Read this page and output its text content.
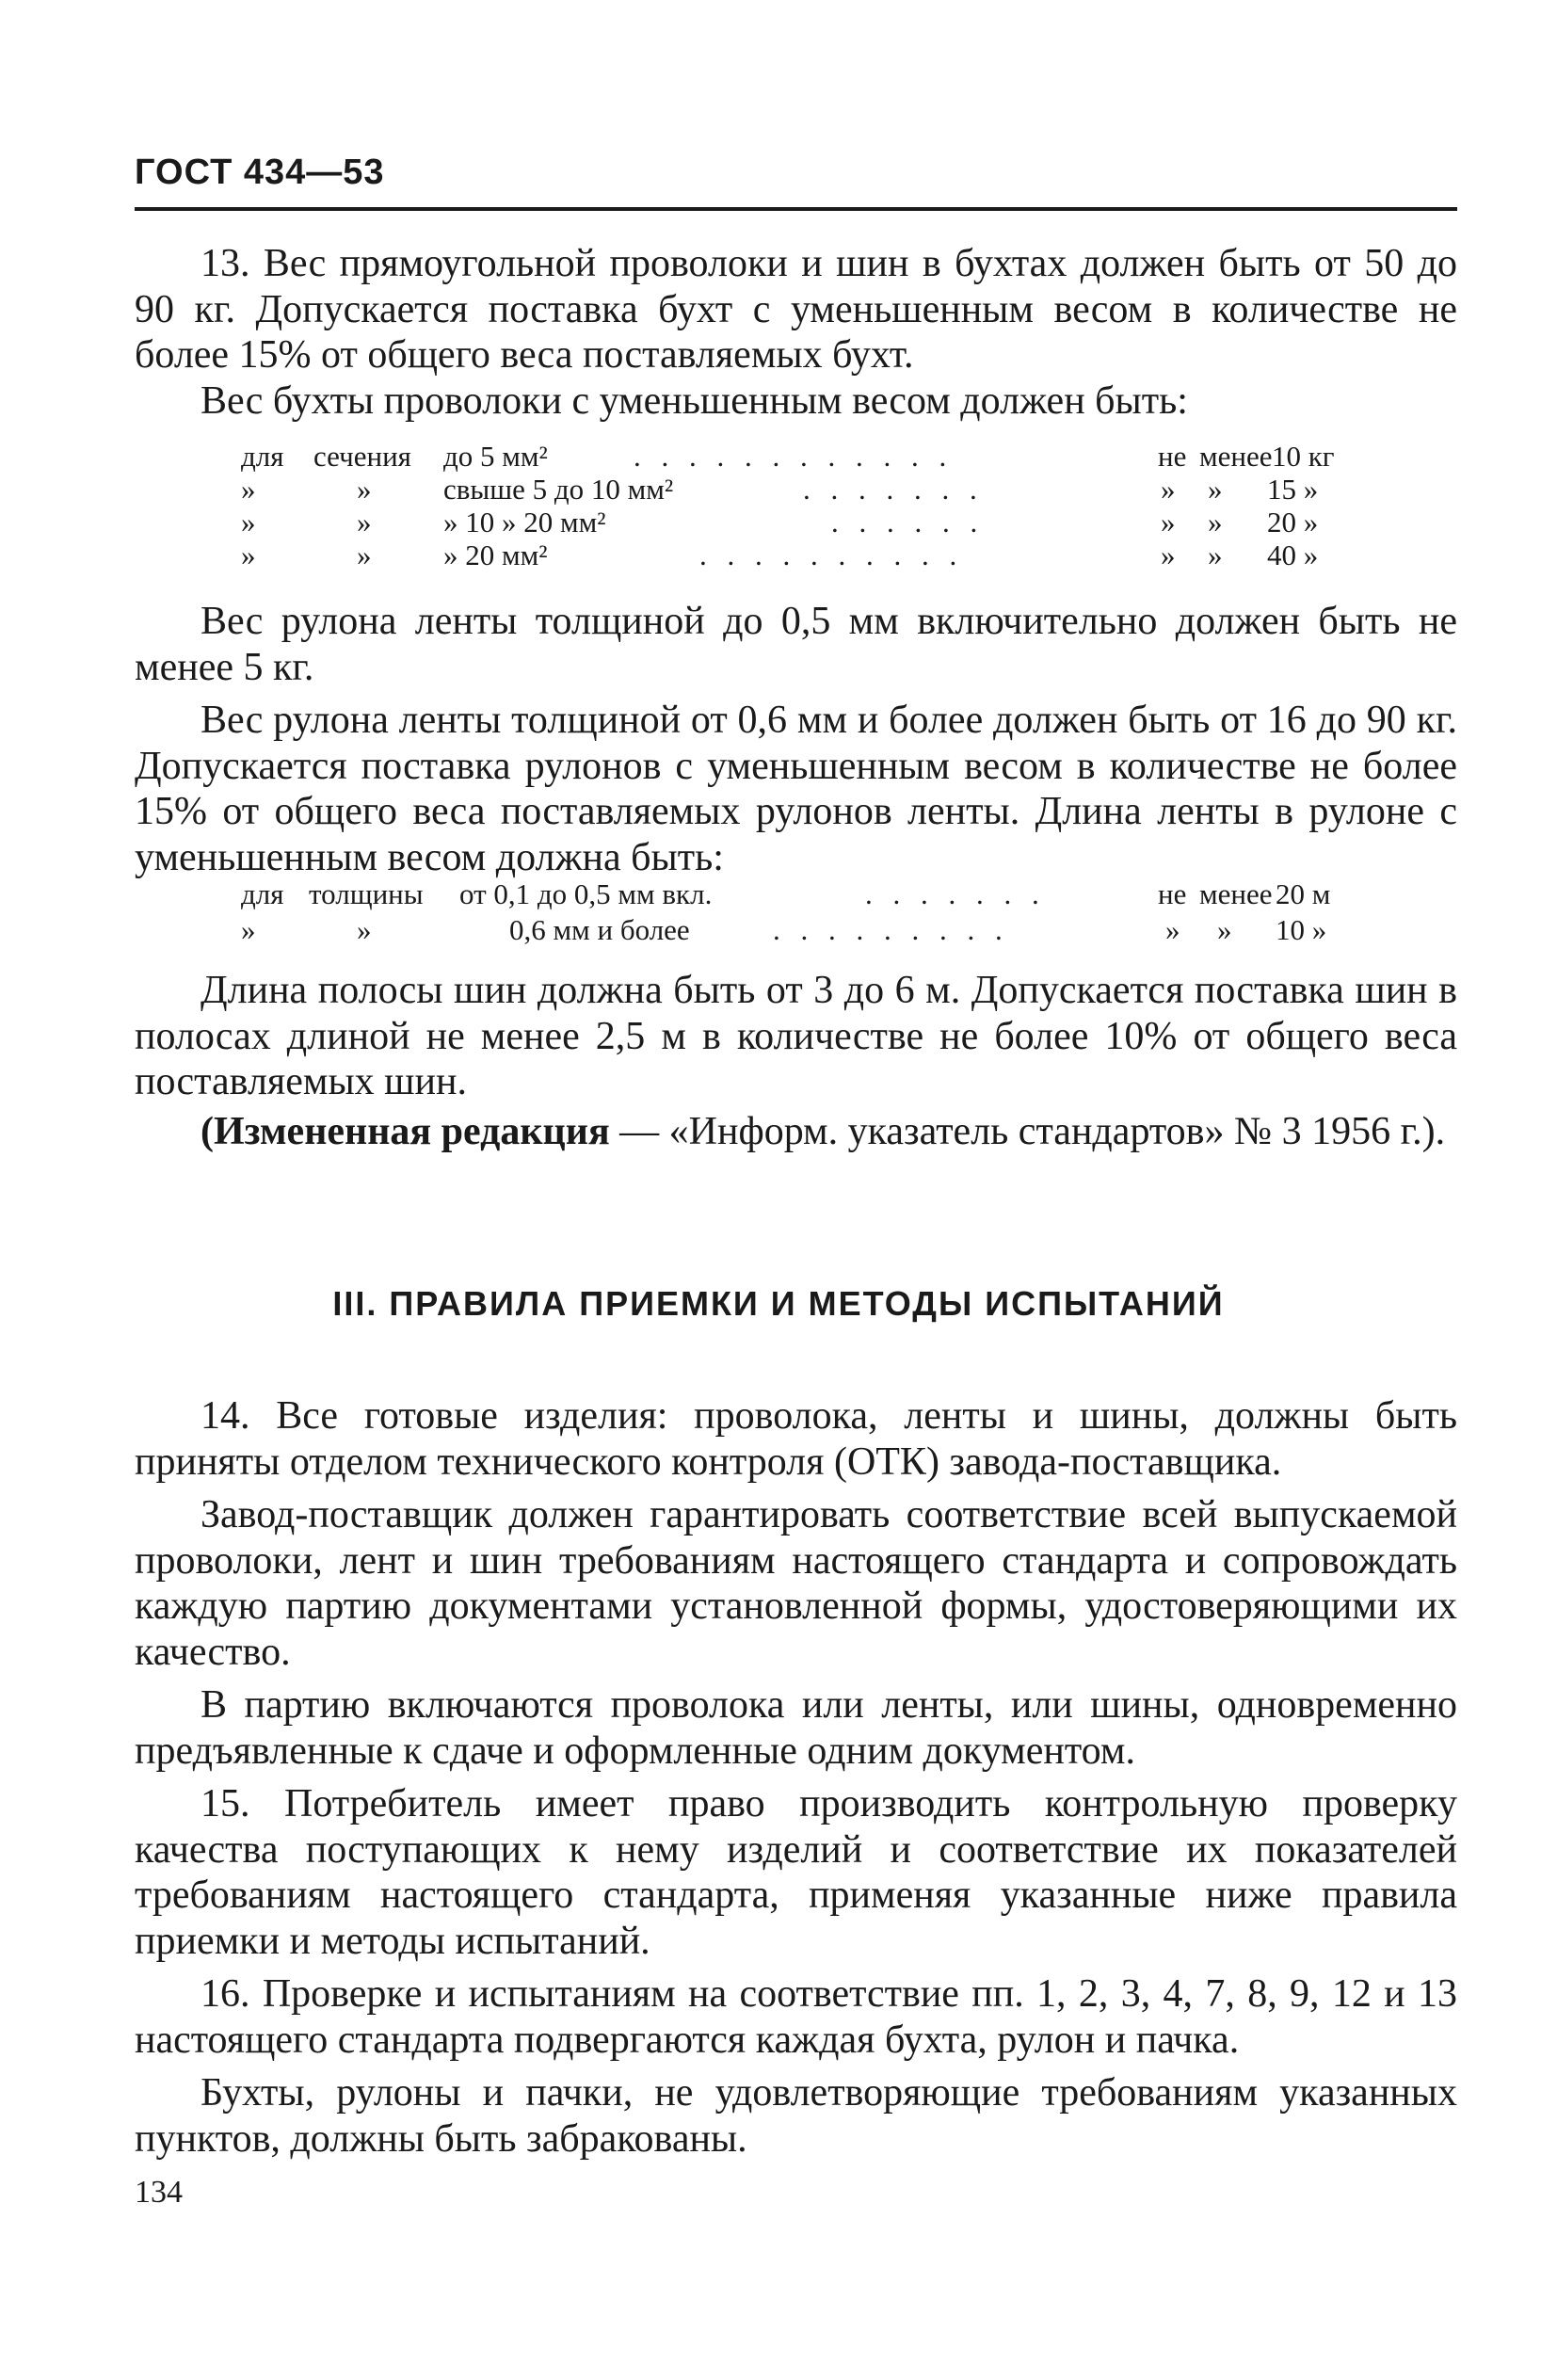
ГОСТ 434—53

13. Вес прямоугольной проволоки и шин в бухтах должен быть от 50 до 90 кг. Допускается поставка бухт с уменьшенным весом в количестве не более 15% от общего веса поставляемых бухт.

Вес бухты проволоки с уменьшенным весом должен быть:

для сечения до 5 мм²	. . . . . . . . . . . .	не менее 10 кг
»	» свыше 5 до 10 мм²	. . . . . . .	» » 15 »
»	» » 10 » 20 мм²	. . . . . .	» » 20 »
»	» » 20 мм²	. . . . . . . . . .	» » 40 »

Вес рулона ленты толщиной до 0,5 мм включительно должен быть не менее 5 кг.

Вес рулона ленты толщиной от 0,6 мм и более должен быть от 16 до 90 кг. Допускается поставка рулонов с уменьшенным весом в количестве не более 15% от общего веса поставляемых рулонов ленты. Длина ленты в рулоне с уменьшенным весом должна быть:

для толщины от 0,1 до 0,5 мм вкл.	. . . . . . .	не менее 20 м
»	»	0,6 мм и более	. . . . . . . . .	» » 10 »

Длина полосы шин должна быть от 3 до 6 м. Допускается поставка шин в полосах длиной не менее 2,5 м в количестве не более 10% от общего веса поставляемых шин.

(Измененная редакция — «Информ. указатель стандартов» № 3 1956 г.).

III. ПРАВИЛА ПРИЕМКИ И МЕТОДЫ ИСПЫТАНИЙ

14. Все готовые изделия: проволока, ленты и шины, должны быть приняты отделом технического контроля (ОТК) завода-поставщика.

Завод-поставщик должен гарантировать соответствие всей выпускаемой проволоки, лент и шин требованиям настоящего стандарта и сопровождать каждую партию документами установленной формы, удостоверяющими их качество.

В партию включаются проволока или ленты, или шины, одновременно предъявленные к сдаче и оформленные одним документом.

15. Потребитель имеет право производить контрольную проверку качества поступающих к нему изделий и соответствие их показателей требованиям настоящего стандарта, применяя указанные ниже правила приемки и методы испытаний.

16. Проверке и испытаниям на соответствие пп. 1, 2, 3, 4, 7, 8, 9, 12 и 13 настоящего стандарта подвергаются каждая бухта, рулон и пачка.

Бухты, рулоны и пачки, не удовлетворяющие требованиям указанных пунктов, должны быть забракованы.

134
